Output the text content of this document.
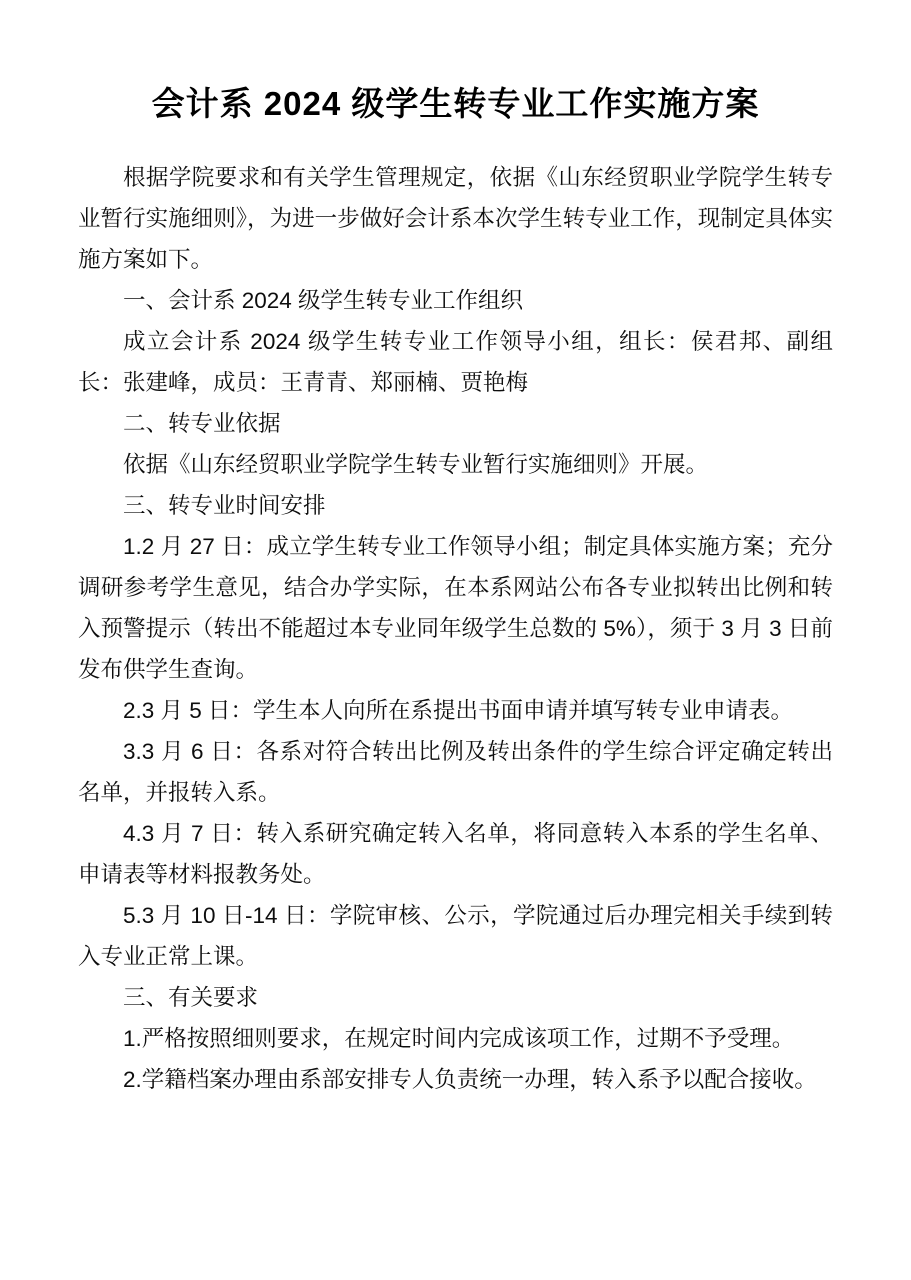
会计系 2024 级学生转专业工作实施方案

根据学院要求和有关学生管理规定，依据《山东经贸职业学院学生转专业暂行实施细则》，为进一步做好会计系本次学生转专业工作，现制定具体实施方案如下。

一、会计系 2024 级学生转专业工作组织

成立会计系 2024 级学生转专业工作领导小组，组长：侯君邦、副组长：张建峰，成员：王青青、郑丽楠、贾艳梅

二、转专业依据

依据《山东经贸职业学院学生转专业暂行实施细则》开展。

三、转专业时间安排

1.2 月 27 日：成立学生转专业工作领导小组；制定具体实施方案；充分调研参考学生意见，结合办学实际，在本系网站公布各专业拟转出比例和转入预警提示（转出不能超过本专业同年级学生总数的 5%），须于 3 月 3 日前发布供学生查询。

2.3 月 5 日：学生本人向所在系提出书面申请并填写转专业申请表。

3.3 月 6 日：各系对符合转出比例及转出条件的学生综合评定确定转出名单，并报转入系。

4.3 月 7 日：转入系研究确定转入名单，将同意转入本系的学生名单、申请表等材料报教务处。

5.3 月 10 日-14 日：学院审核、公示，学院通过后办理完相关手续到转入专业正常上课。

三、有关要求

1.严格按照细则要求，在规定时间内完成该项工作，过期不予受理。

2.学籍档案办理由系部安排专人负责统一办理，转入系予以配合接收。
